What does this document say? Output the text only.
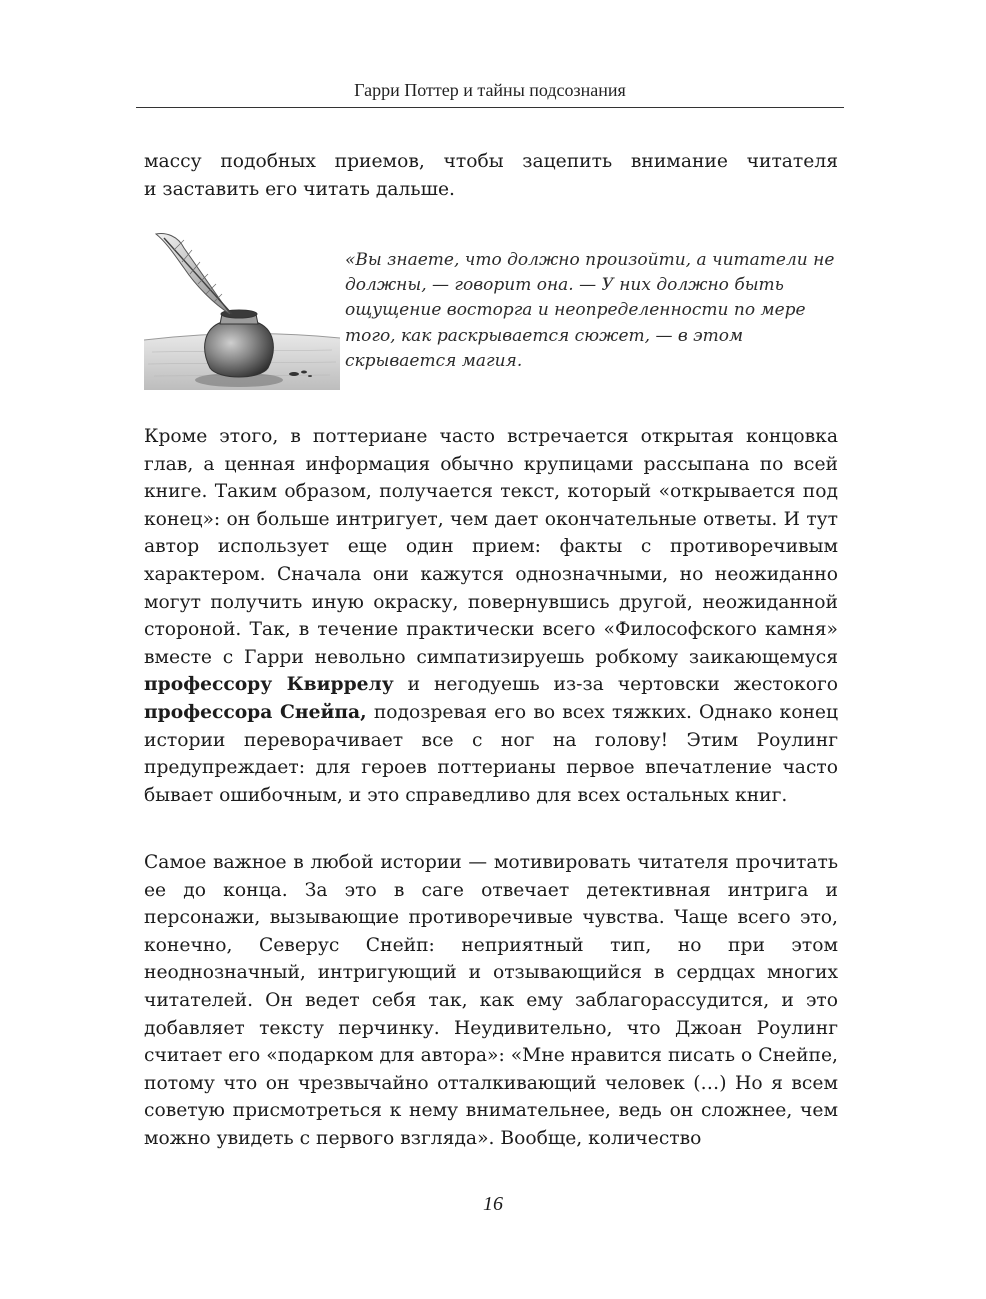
Гарри Поттер и тайны подсознания
массу подобных приемов, чтобы зацепить внимание читателя
и заставить его читать дальше.

«Вы знаете, что должно произойти, а читатели не должны, — говорит она. — У них должно быть ощущение восторга и неопределенности по мере того, как раскрывается сюжет, — в этом скрывается магия.

Кроме этого, в поттериане часто встречается открытая концовка глав, а ценная информация обычно крупицами рассыпана по всей книге. Таким образом, получается текст, который «открывается под конец»: он больше интригует, чем дает окончательные ответы. И тут автор использует еще один прием: факты с противоречивым характером. Сначала они кажутся однозначными, но неожиданно могут получить иную окраску, повернувшись другой, неожиданной стороной. Так, в течение практически всего «Философского камня» вместе с Гарри невольно симпатизируешь робкому заикающемуся профессору Квиррелу и негодуешь из-за чертовски жестокого профессора Снейпа, подозревая его во всех тяжких. Однако конец истории переворачивает все с ног на голову! Этим Роулинг предупреждает: для героев поттерианы первое впечатление часто бывает ошибочным, и это справедливо для всех остальных книг.

Самое важное в любой истории — мотивировать читателя прочитать ее до конца. За это в саге отвечает детективная интрига и персонажи, вызывающие противоречивые чувства. Чаще всего это, конечно, Северус Снейп: неприятный тип, но при этом неоднозначный, интригующий и отзывающийся в сердцах многих читателей. Он ведет себя так, как ему заблагорассудится, и это добавляет тексту перчинку. Неудивительно, что Джоан Роулинг считает его «подарком для автора»: «Мне нравится писать о Снейпе, потому что он чрезвычайно отталкивающий человек (…) Но я всем советую присмотреться к нему внимательнее, ведь он сложнее, чем можно увидеть с первого взгляда». Вообще, количество

16
